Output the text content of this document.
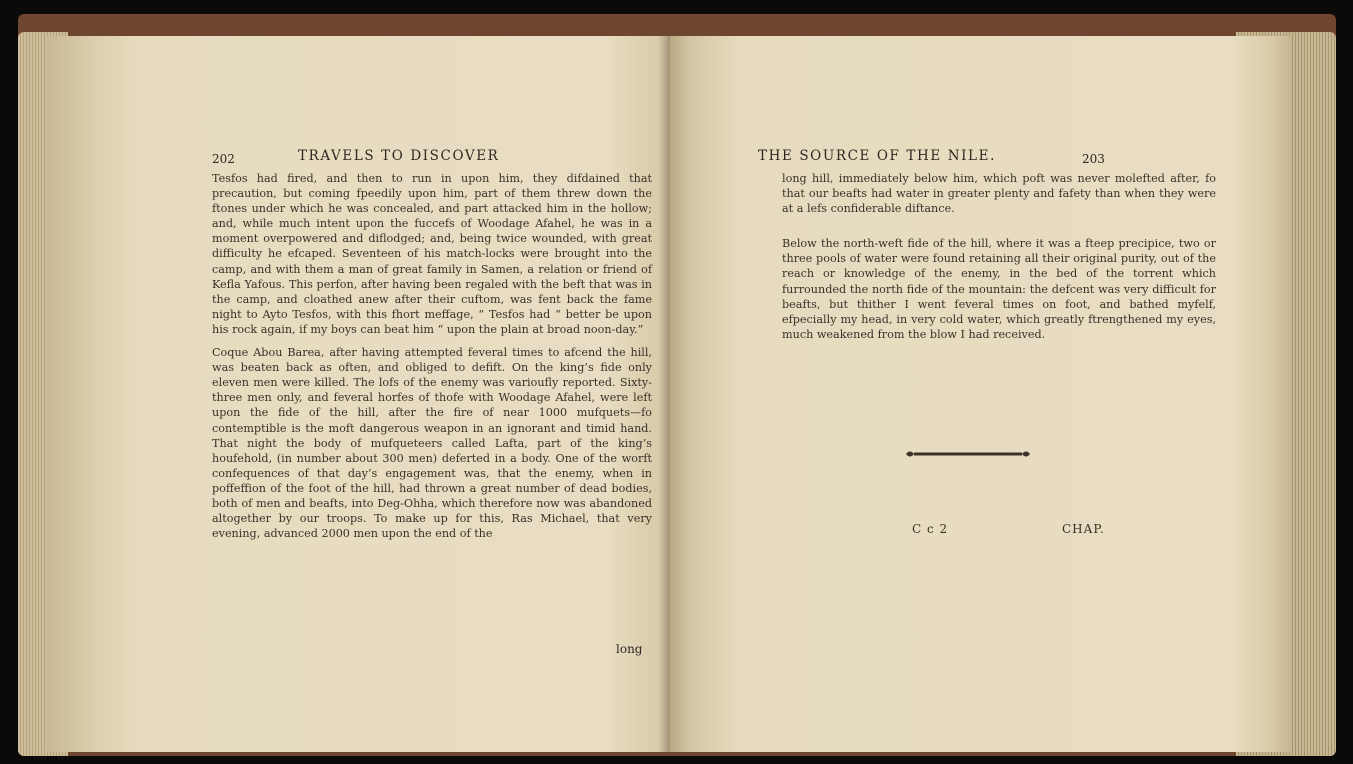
202	TRAVELS TO DISCOVER

Tesfos had fired, and then to run in upon him, they difdained that precaution, but coming fpeedily upon him, part of them threw down the ftones under which he was concealed, and part attacked him in the hollow; and, while much intent upon the fuccefs of Woodage Afahel, he was in a moment overpowered and diflodged; and, being twice wounded, with great difficulty he efcaped. Seventeen of his match-locks were brought into the camp, and with them a man of great family in Samen, a relation or friend of Kefla Yafous. This perfon, after having been regaled with the beft that was in the camp, and cloathed anew after their cuftom, was fent back the fame night to Ayto Tesfos, with this fhort meffage, “ Tesfos had “ better be upon his rock again, if my boys can beat him “ upon the plain at broad noon-day.”

Coque Abou Barea, after having attempted feveral times to afcend the hill, was beaten back as often, and obliged to defift. On the king’s fide only eleven men were killed. The lofs of the enemy was varioufly reported. Sixty-three men only, and feveral horfes of thofe with Woodage Afahel, were left upon the fide of the hill, after the fire of near 1000 mufquets—fo contemptible is the moft dangerous weapon in an ignorant and timid hand. That night the body of mufqueteers called Lafta, part of the king’s houfehold, (in number about 300 men) deferted in a body. One of the worft confequences of that day’s engagement was, that the enemy, when in poffeffion of the foot of the hill, had thrown a great number of dead bodies, both of men and beafts, into Deg-Ohha, which therefore now was abandoned altogether by our troops. To make up for this, Ras Michael, that very evening, advanced 2000 men upon the end of the

long
THE SOURCE OF THE NILE.	203

long hill, immediately below him, which poft was never molefted after, fo that our beafts had water in greater plenty and fafety than when they were at a lefs confiderable diftance.

Below the north-weft fide of the hill, where it was a fteep precipice, two or three pools of water were found retaining all their original purity, out of the reach or knowledge of the enemy, in the bed of the torrent which furrounded the north fide of the mountain: the defcent was very difficult for beafts, but thither I went feveral times on foot, and bathed myfelf, efpecially my head, in very cold water, which greatly ftrengthened my eyes, much weakened from the blow I had received.

C c 2	CHAP.
